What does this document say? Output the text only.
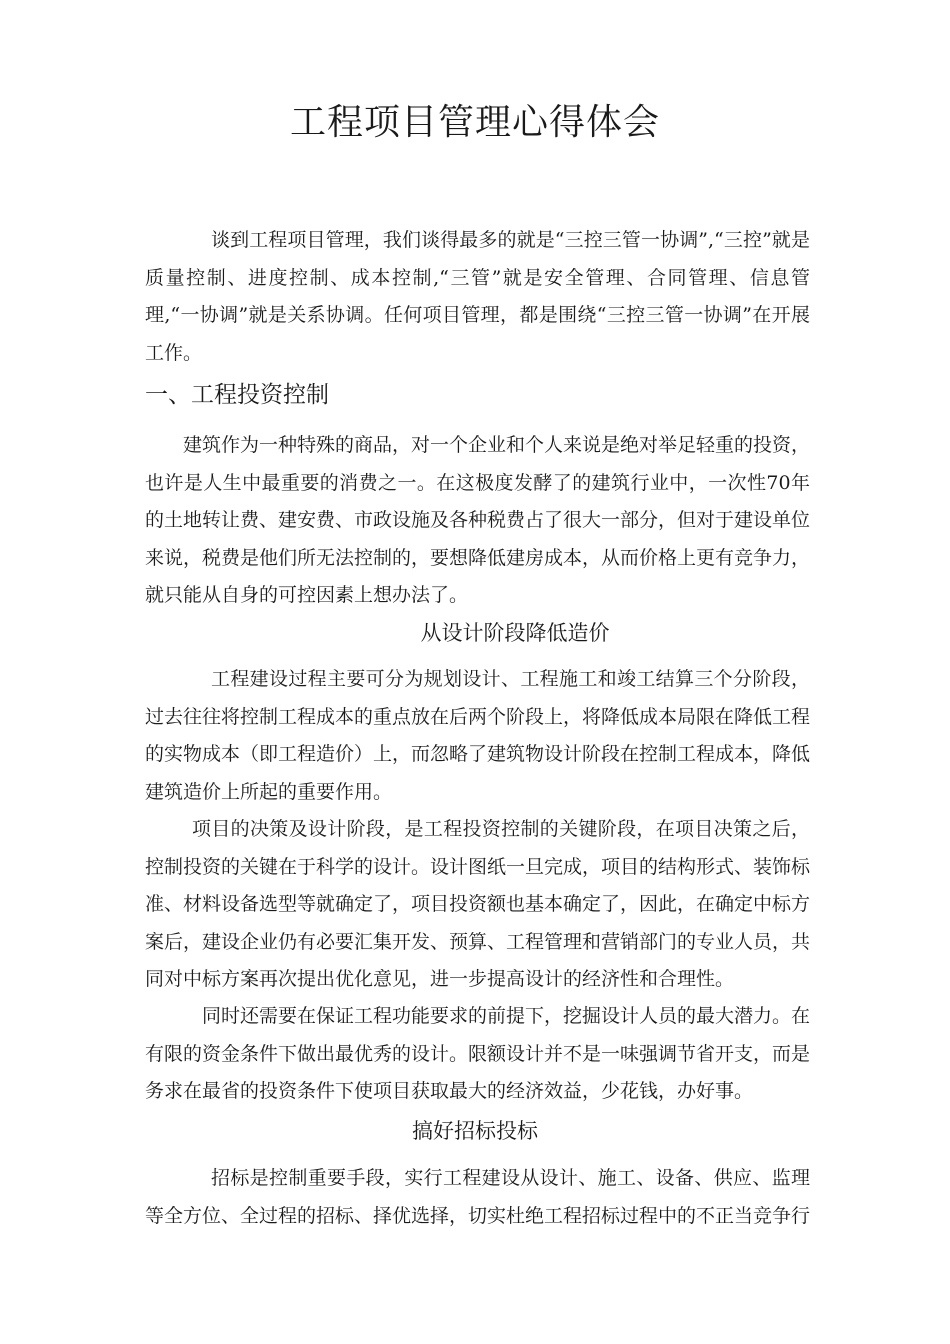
工程项目管理心得体会

谈到工程项目管理，我们谈得最多的就是“三控三管一协调”,“三控”就是质量控制、进度控制、成本控制,“三管”就是安全管理、合同管理、信息管理,“一协调”就是关系协调。任何项目管理，都是围绕“三控三管一协调”在开展工作。

一、工程投资控制

建筑作为一种特殊的商品，对一个企业和个人来说是绝对举足轻重的投资，也许是人生中最重要的消费之一。在这极度发酵了的建筑行业中，一次性70年的土地转让费、建安费、市政设施及各种税费占了很大一部分，但对于建设单位来说，税费是他们所无法控制的，要想降低建房成本，从而价格上更有竞争力，就只能从自身的可控因素上想办法了。

从设计阶段降低造价

工程建设过程主要可分为规划设计、工程施工和竣工结算三个分阶段，过去往往将控制工程成本的重点放在后两个阶段上，将降低成本局限在降低工程的实物成本（即工程造价）上，而忽略了建筑物设计阶段在控制工程成本，降低建筑造价上所起的重要作用。

项目的决策及设计阶段，是工程投资控制的关键阶段，在项目决策之后，控制投资的关键在于科学的设计。设计图纸一旦完成，项目的结构形式、装饰标准、材料设备选型等就确定了，项目投资额也基本确定了，因此，在确定中标方案后，建设企业仍有必要汇集开发、预算、工程管理和营销部门的专业人员，共同对中标方案再次提出优化意见，进一步提高设计的经济性和合理性。

同时还需要在保证工程功能要求的前提下，挖掘设计人员的最大潜力。在有限的资金条件下做出最优秀的设计。限额设计并不是一味强调节省开支，而是务求在最省的投资条件下使项目获取最大的经济效益，少花钱，办好事。

搞好招标投标

招标是控制重要手段，实行工程建设从设计、施工、设备、供应、监理等全方位、全过程的招标、择优选择，切实杜绝工程招标过程中的不正当竞争行
